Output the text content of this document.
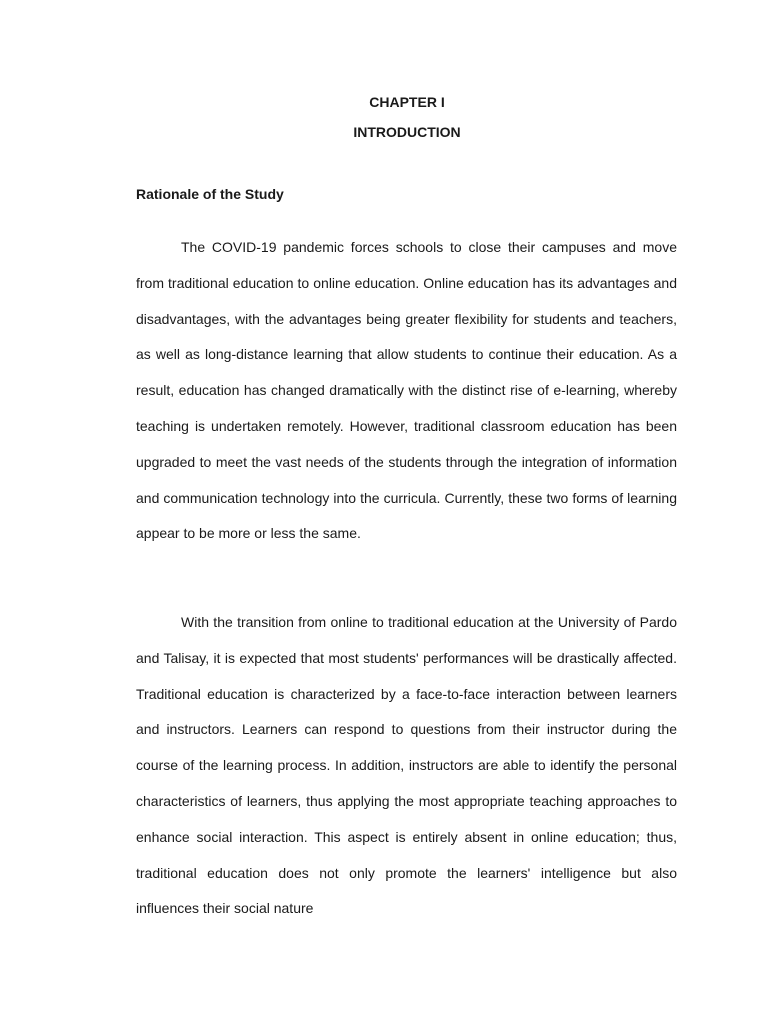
CHAPTER I
INTRODUCTION
Rationale of the Study

The COVID-19 pandemic forces schools to close their campuses and move from traditional education to online education. Online education has its advantages and disadvantages, with the advantages being greater flexibility for students and teachers, as well as long-distance learning that allow students to continue their education. As a result, education has changed dramatically with the distinct rise of e-learning, whereby teaching is undertaken remotely. However, traditional classroom education has been upgraded to meet the vast needs of the students through the integration of information and communication technology into the curricula. Currently, these two forms of learning appear to be more or less the same.

With the transition from online to traditional education at the University of Pardo and Talisay, it is expected that most students' performances will be drastically affected. Traditional education is characterized by a face-to-face interaction between learners and instructors. Learners can respond to questions from their instructor during the course of the learning process. In addition, instructors are able to identify the personal characteristics of learners, thus applying the most appropriate teaching approaches to enhance social interaction. This aspect is entirely absent in online education; thus, traditional education does not only promote the learners' intelligence but also influences their social nature
